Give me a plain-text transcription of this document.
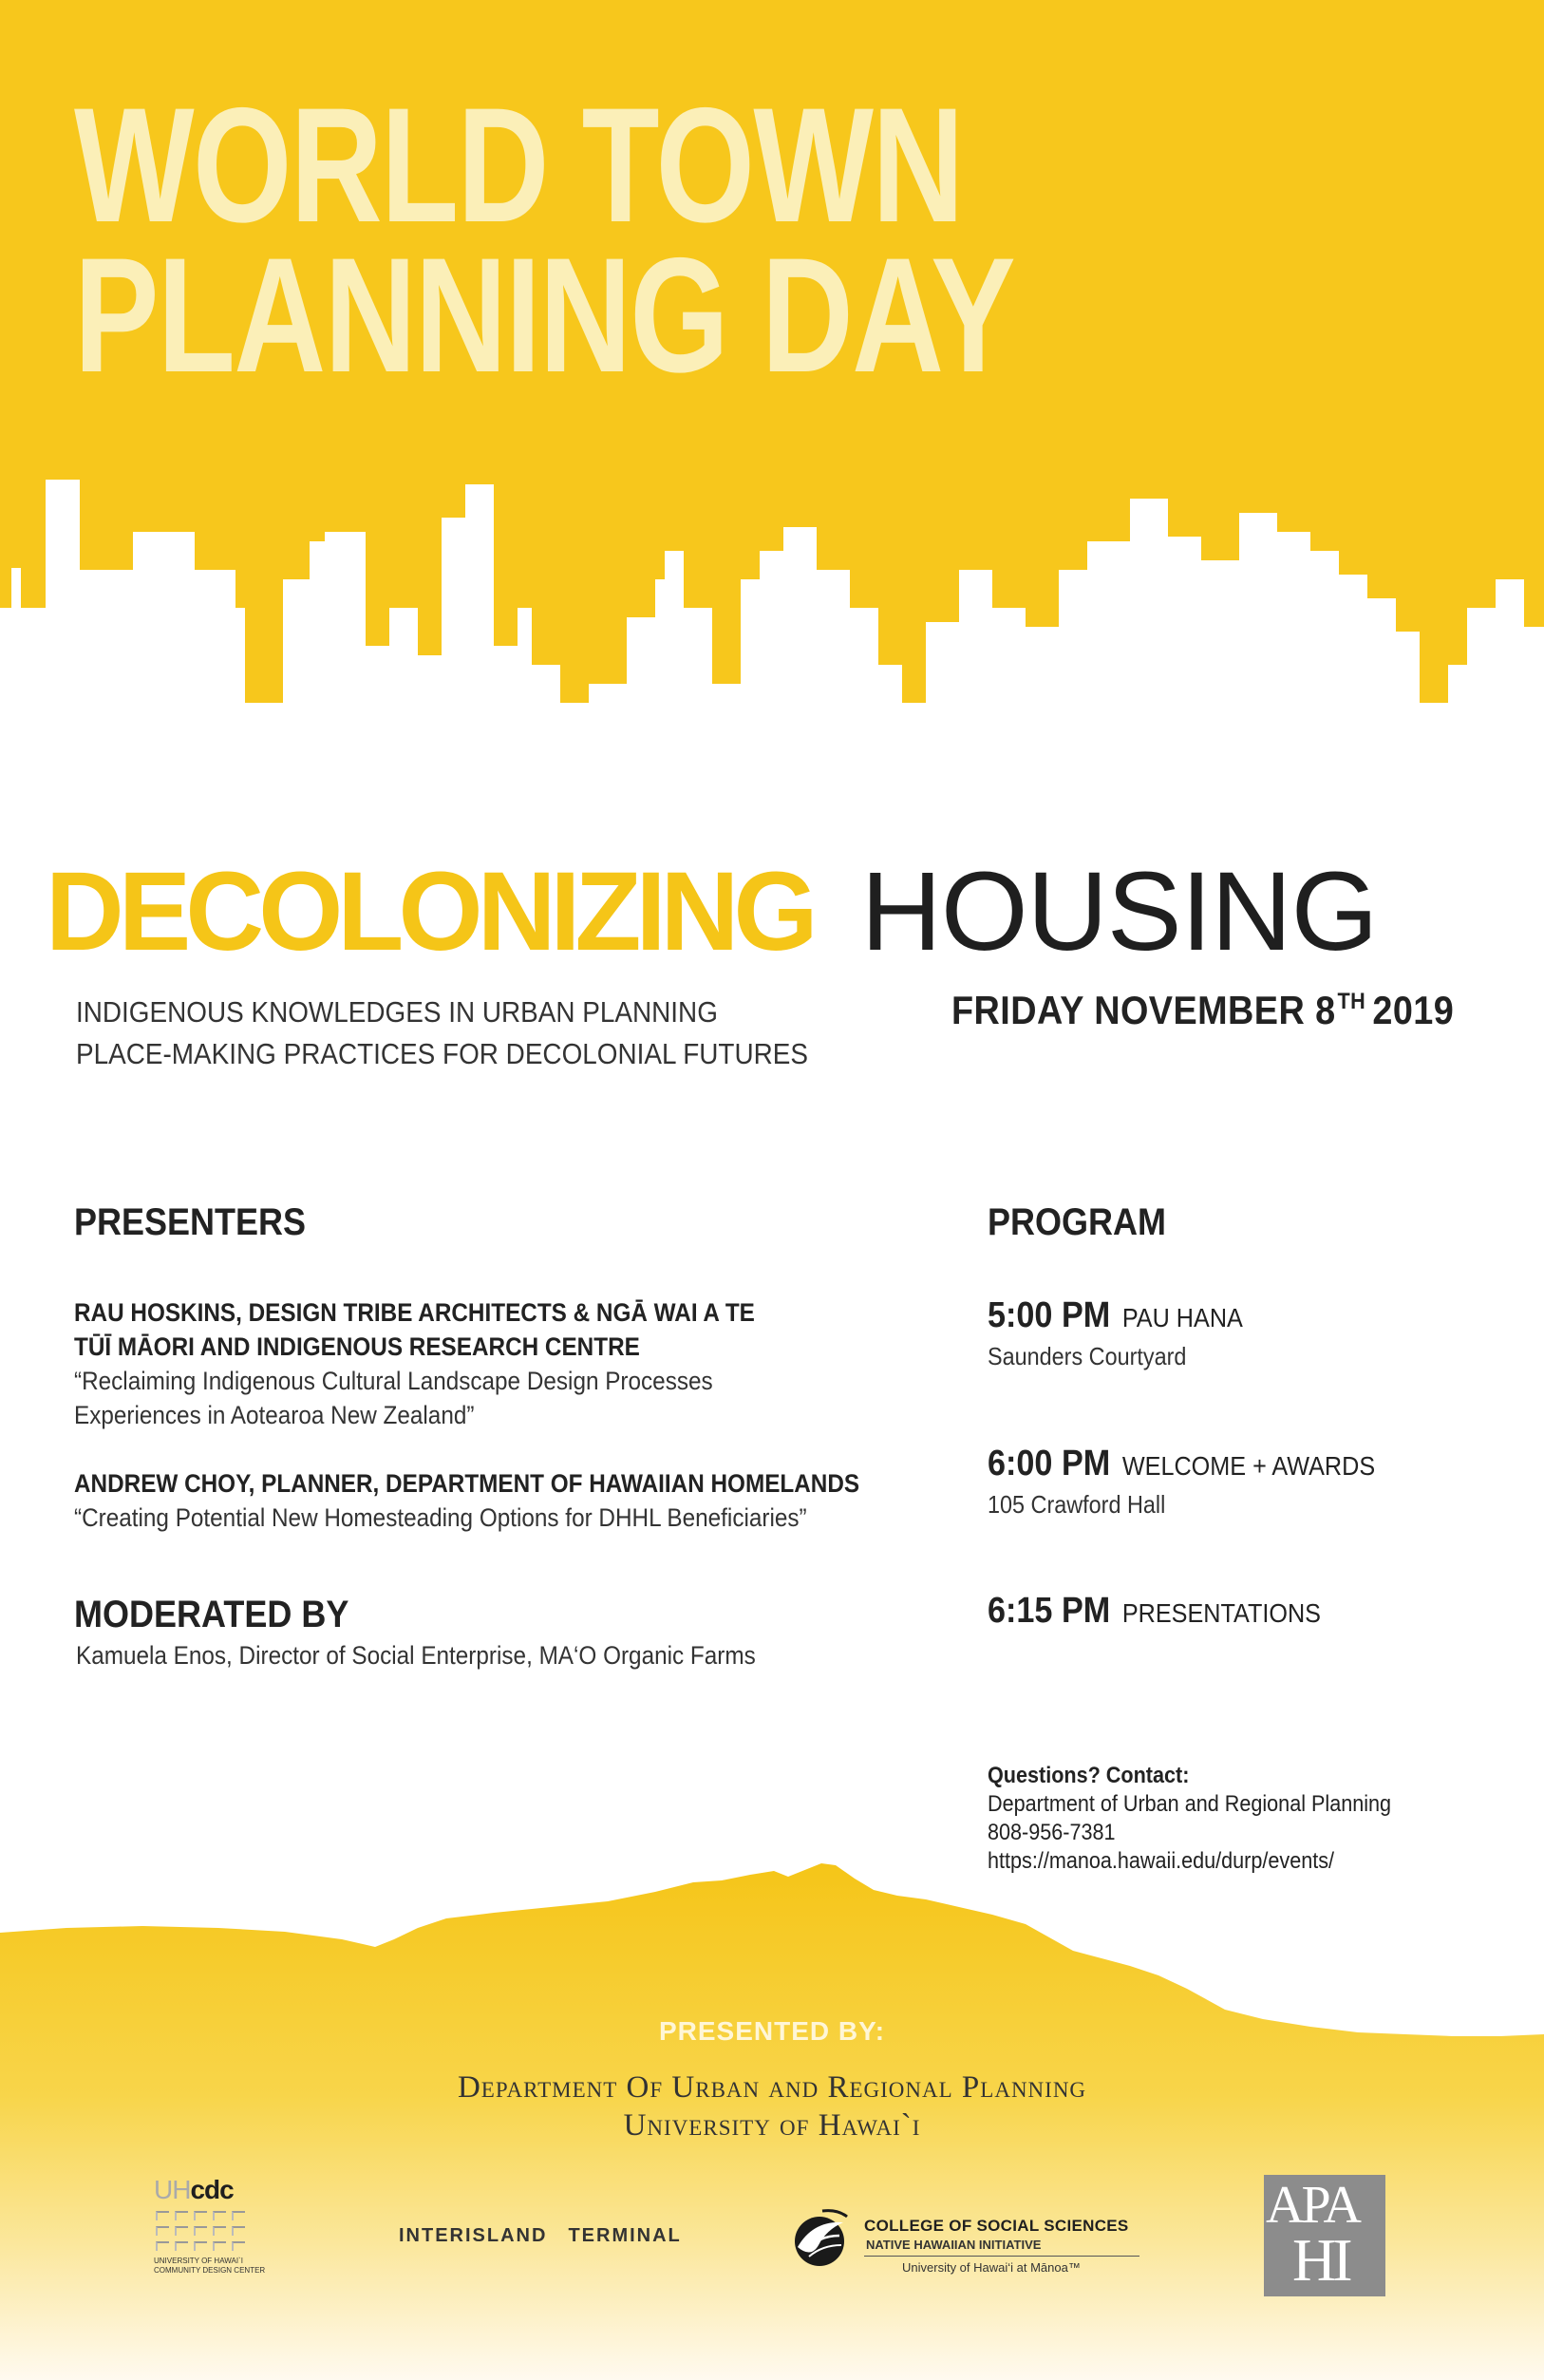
WORLD TOWN
PLANNING DAY
DECOLONIZING HOUSING
INDIGENOUS KNOWLEDGES IN URBAN PLANNING
PLACE-MAKING PRACTICES FOR DECOLONIAL FUTURES
FRIDAY NOVEMBER 8TH 2019
PRESENTERS
RAU HOSKINS, DESIGN TRIBE ARCHITECTS & NGĀ WAI A TE
TŪĪ MĀORI AND INDIGENOUS RESEARCH CENTRE
“Reclaiming Indigenous Cultural Landscape Design Processes
Experiences in Aotearoa New Zealand”
ANDREW CHOY, PLANNER, DEPARTMENT OF HAWAIIAN HOMELANDS
“Creating Potential New Homesteading Options for DHHL Beneficiaries”
MODERATED BY
Kamuela Enos, Director of Social Enterprise, MA‘O Organic Farms
PROGRAM
5:00 PM PAU HANA
Saunders Courtyard
6:00 PM WELCOME + AWARDS
105 Crawford Hall
6:15 PM PRESENTATIONS
Questions? Contact:
Department of Urban and Regional Planning
808-956-7381
https://manoa.hawaii.edu/durp/events/
PRESENTED BY:
Department Of Urban and Regional Planning
University of Hawai`i
UHcdc
UNIVERSITY OF HAWAI`I
COMMUNITY DESIGN CENTER
INTERISLAND TERMINAL	COLLEGE OF SOCIAL SCIENCES
NATIVE HAWAIIAN INITIATIVE
University of Hawai‘i at Mānoa™
APA
HI
